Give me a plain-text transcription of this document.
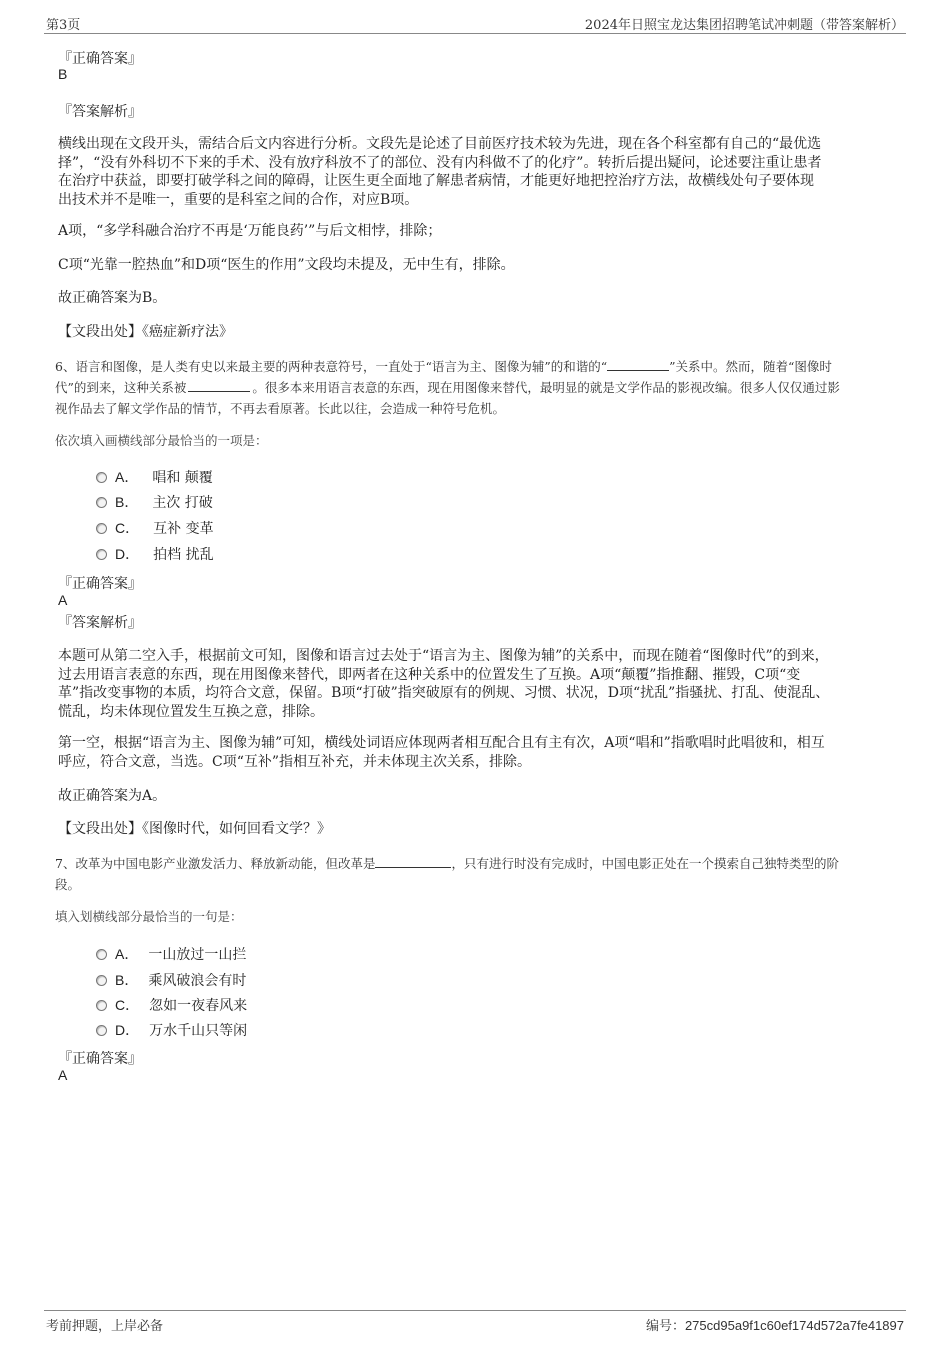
第3页	2024年日照宝龙达集团招聘笔试冲刺题（带答案解析）
『正确答案』
B
『答案解析』
横线出现在文段开头，需结合后文内容进行分析。文段先是论述了目前医疗技术较为先进，现在各个科室都有自己的“最优选
择”，“没有外科切不下来的手术、没有放疗科放不了的部位、没有内科做不了的化疗”。转折后提出疑问，论述要注重让患者
在治疗中获益，即要打破学科之间的障碍，让医生更全面地了解患者病情，才能更好地把控治疗方法，故横线处句子要体现
出技术并不是唯一，重要的是科室之间的合作，对应B项。
A项，“多学科融合治疗不再是‘万能良药’”与后文相悖，排除；
C项“光靠一腔热血”和D项“医生的作用”文段均未提及，无中生有，排除。
故正确答案为B。
【文段出处】《癌症新疗法》
6、语言和图像，是人类有史以来最主要的两种表意符号，一直处于“语言为主、图像为辅”的和谐的“	”关系中。然而，随着“图像时
代”的到来，这种关系被	。很多本来用语言表意的东西，现在用图像来替代，最明显的就是文学作品的影视改编。很多人仅仅通过影
视作品去了解文学作品的情节，不再去看原著。长此以往，会造成一种符号危机。
依次填入画横线部分最恰当的一项是：
A． 唱和 颠覆
B． 主次 打破
C． 互补 变革
D． 拍档 扰乱
『正确答案』
A
『答案解析』
本题可从第二空入手，根据前文可知，图像和语言过去处于“语言为主、图像为辅”的关系中，而现在随着“图像时代”的到来，
过去用语言表意的东西，现在用图像来替代，即两者在这种关系中的位置发生了互换。A项“颠覆”指推翻、摧毁，C项“变
革”指改变事物的本质，均符合文意，保留。B项“打破”指突破原有的例规、习惯、状况，D项“扰乱”指骚扰、打乱、使混乱、
慌乱，均未体现位置发生互换之意，排除。
第一空，根据“语言为主、图像为辅”可知，横线处词语应体现两者相互配合且有主有次，A项“唱和”指歌唱时此唱彼和，相互
呼应，符合文意，当选。C项“互补”指相互补充，并未体现主次关系，排除。
故正确答案为A。
【文段出处】《图像时代，如何回看文学？》
7、改革为中国电影产业激发活力、释放新动能，但改革是	，只有进行时没有完成时，中国电影正处在一个摸索自己独特类型的阶
段。
填入划横线部分最恰当的一句是：
A． 一山放过一山拦
B． 乘风破浪会有时
C． 忽如一夜春风来
D． 万水千山只等闲
『正确答案』
A
考前押题，上岸必备	编号：275cd95a9f1c60ef174d572a7fe41897
